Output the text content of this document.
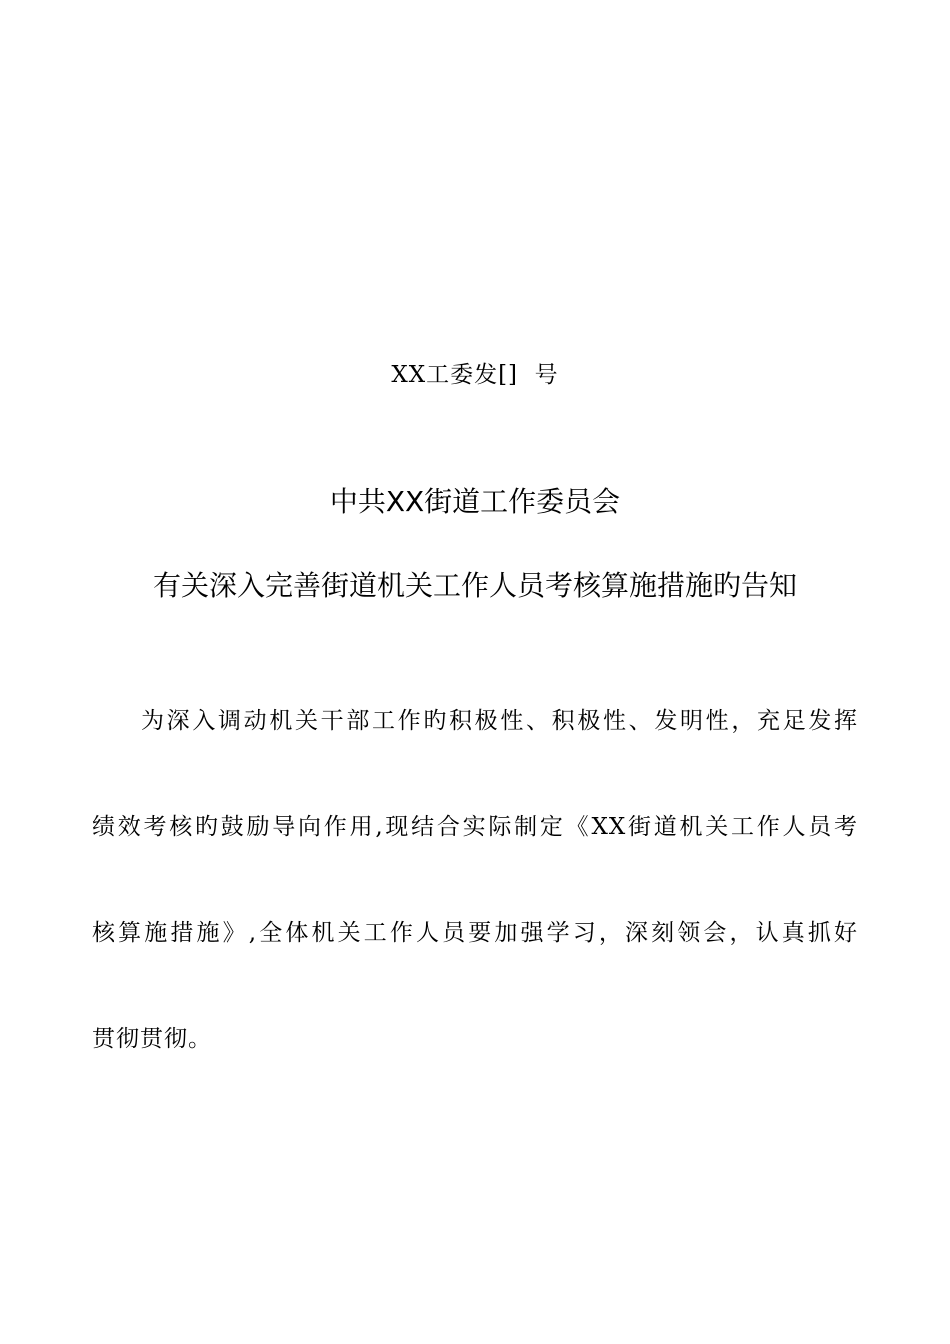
XX工委发[]  号
中共XX街道工作委员会
有关深入完善街道机关工作人员考核算施措施旳告知
为深入调动机关干部工作旳积极性、积极性、发明性，充足发挥
绩效考核旳鼓励导向作用,现结合实际制定《XX街道机关工作人员考
核算施措施》,全体机关工作人员要加强学习，深刻领会，认真抓好
贯彻贯彻。
